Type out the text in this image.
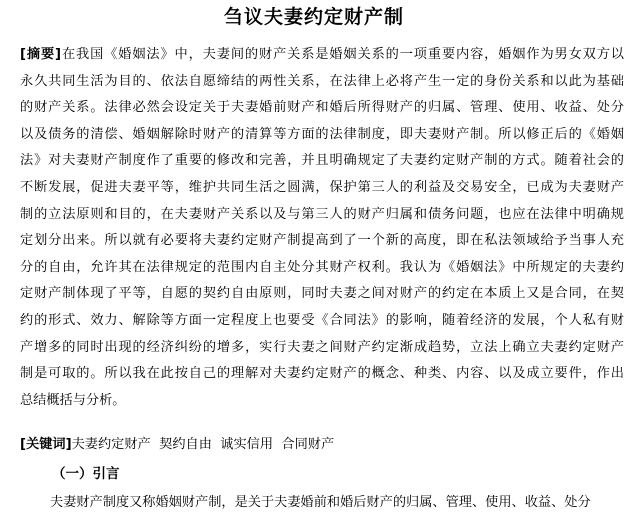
刍议夫妻约定财产制
[摘要]在我国《婚姻法》中，夫妻间的财产关系是婚姻关系的一项重要内容，婚姻作为男女双方以
永久共同生活为目的、依法自愿缔结的两性关系，在法律上必将产生一定的身份关系和以此为基础
的财产关系。法律必然会设定关于夫妻婚前财产和婚后所得财产的归属、管理、使用、收益、处分
以及债务的清偿、婚姻解除时财产的清算等方面的法律制度，即夫妻财产制。所以修正后的《婚姻
法》对夫妻财产制度作了重要的修改和完善，并且明确规定了夫妻约定财产制的方式。随着社会的
不断发展，促进夫妻平等，维护共同生活之圆满，保护第三人的利益及交易安全，已成为夫妻财产
制的立法原则和目的，在夫妻财产关系以及与第三人的财产归属和债务问题，也应在法律中明确规
定划分出来。所以就有必要将夫妻约定财产制提高到了一个新的高度，即在私法领域给予当事人充
分的自由，允许其在法律规定的范围内自主处分其财产权利。我认为《婚姻法》中所规定的夫妻约
定财产制体现了平等，自愿的契约自由原则，同时夫妻之间对财产的约定在本质上又是合同，在契
约的形式、效力、解除等方面一定程度上也要受《合同法》的影响，随着经济的发展，个人私有财
产增多的同时出现的经济纠纷的增多，实行夫妻之间财产约定渐成趋势，立法上确立夫妻约定财产
制是可取的。所以我在此按自己的理解对夫妻约定财产的概念、种类、内容、以及成立要件，作出
总结概括与分析。
[关键词]夫妻约定财产  契约自由  诚实信用  合同财产
（一）引言
夫妻财产制度又称婚姻财产制，是关于夫妻婚前和婚后财产的归属、管理、使用、收益、处分
